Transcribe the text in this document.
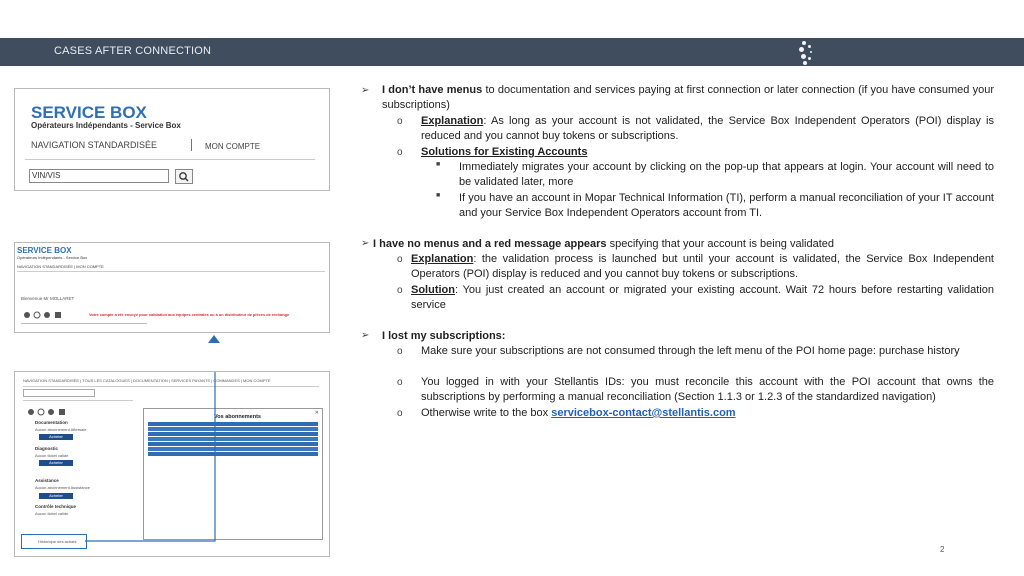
CASES AFTER CONNECTION
SERVICE BOX
Opérateurs Indépendants - Service Box
NAVIGATION STANDARDISÉE	MON COMPTE
VIN/VIS
SERVICE BOX
Opérateurs Indépendants - Service Box
NAVIGATION STANDARDISÉE | MON COMPTE
Bienvenue Mr MOLLARET
Votre compte a été envoyé pour validation aux équipes centrales ou à un distributeur de pièces de rechange
NAVIGATION STANDARDISÉE | TOUS LES CATALOGUES | DOCUMENTATION | SERVICES PAYANTS | COMMANDES | MON COMPTE
Documentation
Aucun abonnement Aftersale
Acheter
Diagnostic
Aucun ticket valide
Acheter
Assistance
Aucun abonnement Assistance
Acheter
Contrôle technique
Aucun ticket valide
Historique des achats
Vos abonnements
✕
➢ I don’t have menus to documentation and services paying at first connection or later connection (if you have consumed your subscriptions)
o Explanation: As long as your account is not validated, the Service Box Independent Operators (POI) display is reduced and you cannot buy tokens or subscriptions.
o Solutions for Existing Accounts
■ Immediately migrates your account by clicking on the pop-up that appears at login. Your account will need to be validated later, more
■ If you have an account in Mopar Technical Information (TI), perform a manual reconciliation of your IT account and your Service Box Independent Operators account from TI.
➢ I have no menus and a red message appears specifying that your account is being validated
o Explanation: the validation process is launched but until your account is validated, the Service Box Independent Operators (POI) display is reduced and you cannot buy tokens or subscriptions.
o Solution: You just created an account or migrated your existing account. Wait 72 hours before restarting validation service
➢ I lost my subscriptions:
o Make sure your subscriptions are not consumed through the left menu of the POI home page: purchase history
o You logged in with your Stellantis IDs: you must reconcile this account with the POI account that owns the subscriptions by performing a manual reconciliation (Section 1.1.3 or 1.2.3 of the standardized navigation)
o Otherwise write to the box servicebox-contact@stellantis.com
2
